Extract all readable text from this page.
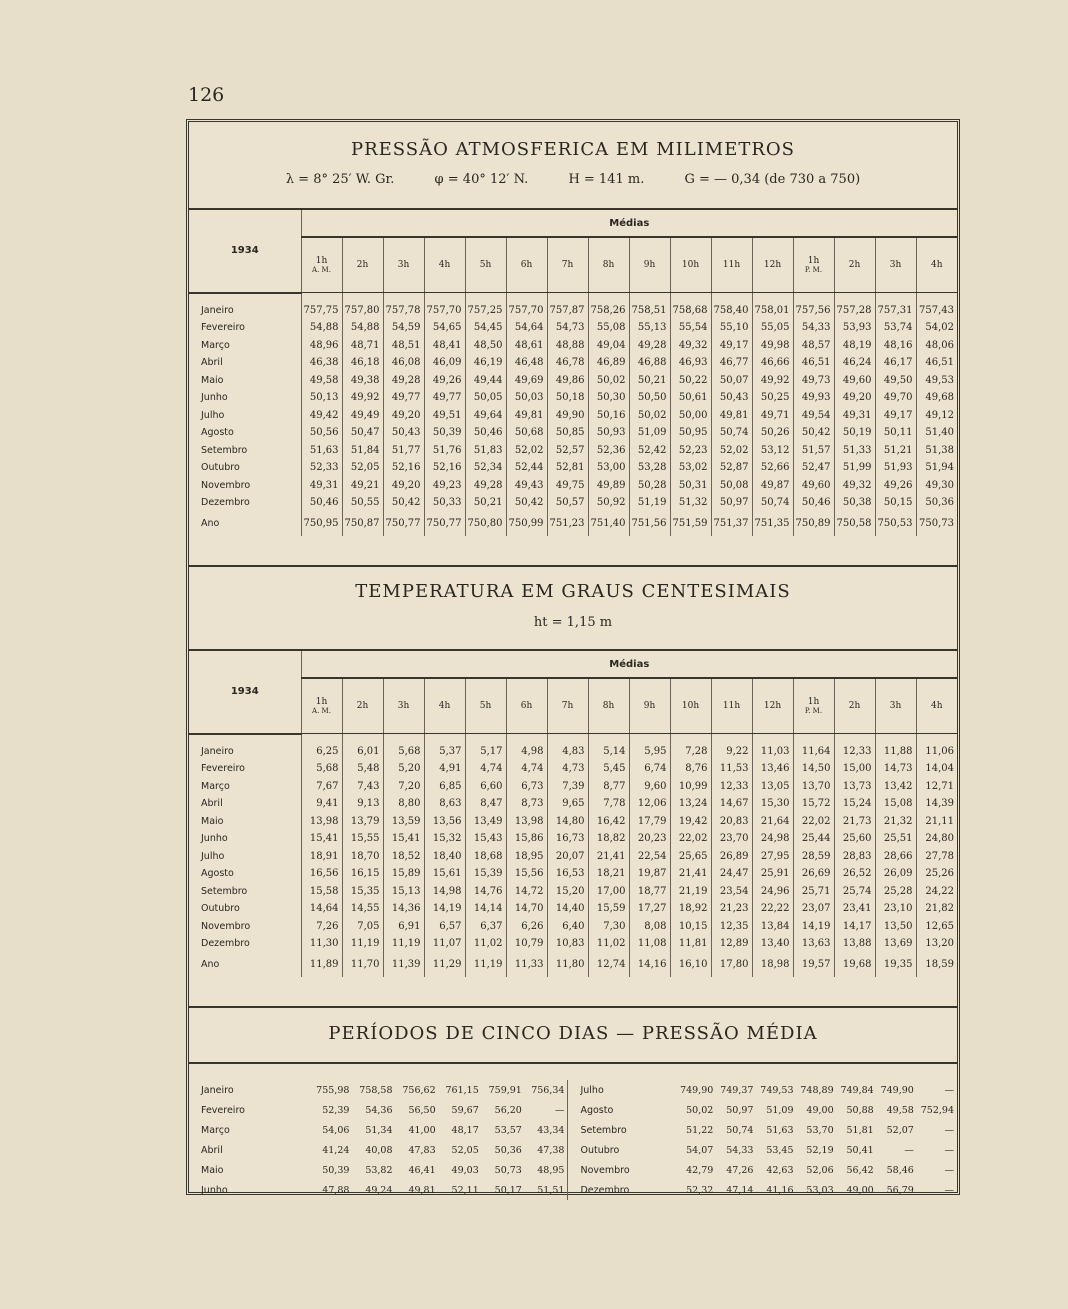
126
PRESSÃO ATMOSFERICA EM MILIMETROS
λ = 8° 25′ W. Gr.	φ = 40° 12′ N.	H = 141 m.	G = — 0,34 (de 730 a 750)
1934	Médias															
	1h
A. M.	2h	3h	4h	5h	6h	7h	8h	9h	10h	11h	12h	1h
P. M.	2h	3h	4h

Janeiro	757,75	757,80	757,78	757,70	757,25	757,70	757,87	758,26	758,51	758,68	758,40	758,01	757,56	757,28	757,31	757,43
Fevereiro	54,88	54,88	54,59	54,65	54,45	54,64	54,73	55,08	55,13	55,54	55,10	55,05	54,33	53,93	53,74	54,02
Março	48,96	48,71	48,51	48,41	48,50	48,61	48,88	49,04	49,28	49,32	49,17	49,98	48,57	48,19	48,16	48,06
Abril	46,38	46,18	46,08	46,09	46,19	46,48	46,78	46,89	46,88	46,93	46,77	46,66	46,51	46,24	46,17	46,51
Maio	49,58	49,38	49,28	49,26	49,44	49,69	49,86	50,02	50,21	50,22	50,07	49,92	49,73	49,60	49,50	49,53
Junho	50,13	49,92	49,77	49,77	50,05	50,03	50,18	50,30	50,50	50,61	50,43	50,25	49,93	49,20	49,70	49,68
Julho	49,42	49,49	49,20	49,51	49,64	49,81	49,90	50,16	50,02	50,00	49,81	49,71	49,54	49,31	49,17	49,12
Agosto	50,56	50,47	50,43	50,39	50,46	50,68	50,85	50,93	51,09	50,95	50,74	50,26	50,42	50,19	50,11	51,40
Setembro	51,63	51,84	51,77	51,76	51,83	52,02	52,57	52,36	52,42	52,23	52,02	53,12	51,57	51,33	51,21	51,38
Outubro	52,33	52,05	52,16	52,16	52,34	52,44	52,81	53,00	53,28	53,02	52,87	52,66	52,47	51,99	51,93	51,94
Novembro	49,31	49,21	49,20	49,23	49,28	49,43	49,75	49,89	50,28	50,31	50,08	49,87	49,60	49,32	49,26	49,30
Dezembro	50,46	50,55	50,42	50,33	50,21	50,42	50,57	50,92	51,19	51,32	50,97	50,74	50,46	50,38	50,15	50,36
Ano	750,95	750,87	750,77	750,77	750,80	750,99	751,23	751,40	751,56	751,59	751,37	751,35	750,89	750,58	750,53	750,73
TEMPERATURA EM GRAUS CENTESIMAIS
ht = 1,15 m
1934	Médias															
	1h
A. M.	2h	3h	4h	5h	6h	7h	8h	9h	10h	11h	12h	1h
P. M.	2h	3h	4h

Janeiro	6,25	6,01	5,68	5,37	5,17	4,98	4,83	5,14	5,95	7,28	9,22	11,03	11,64	12,33	11,88	11,06
Fevereiro	5,68	5,48	5,20	4,91	4,74	4,74	4,73	5,45	6,74	8,76	11,53	13,46	14,50	15,00	14,73	14,04
Março	7,67	7,43	7,20	6,85	6,60	6,73	7,39	8,77	9,60	10,99	12,33	13,05	13,70	13,73	13,42	12,71
Abril	9,41	9,13	8,80	8,63	8,47	8,73	9,65	7,78	12,06	13,24	14,67	15,30	15,72	15,24	15,08	14,39
Maio	13,98	13,79	13,59	13,56	13,49	13,98	14,80	16,42	17,79	19,42	20,83	21,64	22,02	21,73	21,32	21,11
Junho	15,41	15,55	15,41	15,32	15,43	15,86	16,73	18,82	20,23	22,02	23,70	24,98	25,44	25,60	25,51	24,80
Julho	18,91	18,70	18,52	18,40	18,68	18,95	20,07	21,41	22,54	25,65	26,89	27,95	28,59	28,83	28,66	27,78
Agosto	16,56	16,15	15,89	15,61	15,39	15,56	16,53	18,21	19,87	21,41	24,47	25,91	26,69	26,52	26,09	25,26
Setembro	15,58	15,35	15,13	14,98	14,76	14,72	15,20	17,00	18,77	21,19	23,54	24,96	25,71	25,74	25,28	24,22
Outubro	14,64	14,55	14,36	14,19	14,14	14,70	14,40	15,59	17,27	18,92	21,23	22,22	23,07	23,41	23,10	21,82
Novembro	7,26	7,05	6,91	6,57	6,37	6,26	6,40	7,30	8,08	10,15	12,35	13,84	14,19	14,17	13,50	12,65
Dezembro	11,30	11,19	11,19	11,07	11,02	10,79	10,83	11,02	11,08	11,81	12,89	13,40	13,63	13,88	13,69	13,20
Ano	11,89	11,70	11,39	11,29	11,19	11,33	11,80	12,74	14,16	16,10	17,80	18,98	19,57	19,68	19,35	18,59
PERÍODOS DE CINCO DIAS — PRESSÃO MÉDIA
Janeiro	755,98	758,58	756,62	761,15	759,91	756,34	Julho	749,90	749,37	749,53	748,89	749,84	749,90	—
Fevereiro	52,39	54,36	56,50	59,67	56,20	—	Agosto	50,02	50,97	51,09	49,00	50,88	49,58	752,94
Março	54,06	51,34	41,00	48,17	53,57	43,34	Setembro	51,22	50,74	51,63	53,70	51,81	52,07	—
Abril	41,24	40,08	47,83	52,05	50,36	47,38	Outubro	54,07	54,33	53,45	52,19	50,41	—	—
Maio	50,39	53,82	46,41	49,03	50,73	48,95	Novembro	42,79	47,26	42,63	52,06	56,42	58,46	—
Junho	47,88	49,24	49,81	52,11	50,17	51,51	Dezembro	52,32	47,14	41,16	53,03	49,00	56,79	—
